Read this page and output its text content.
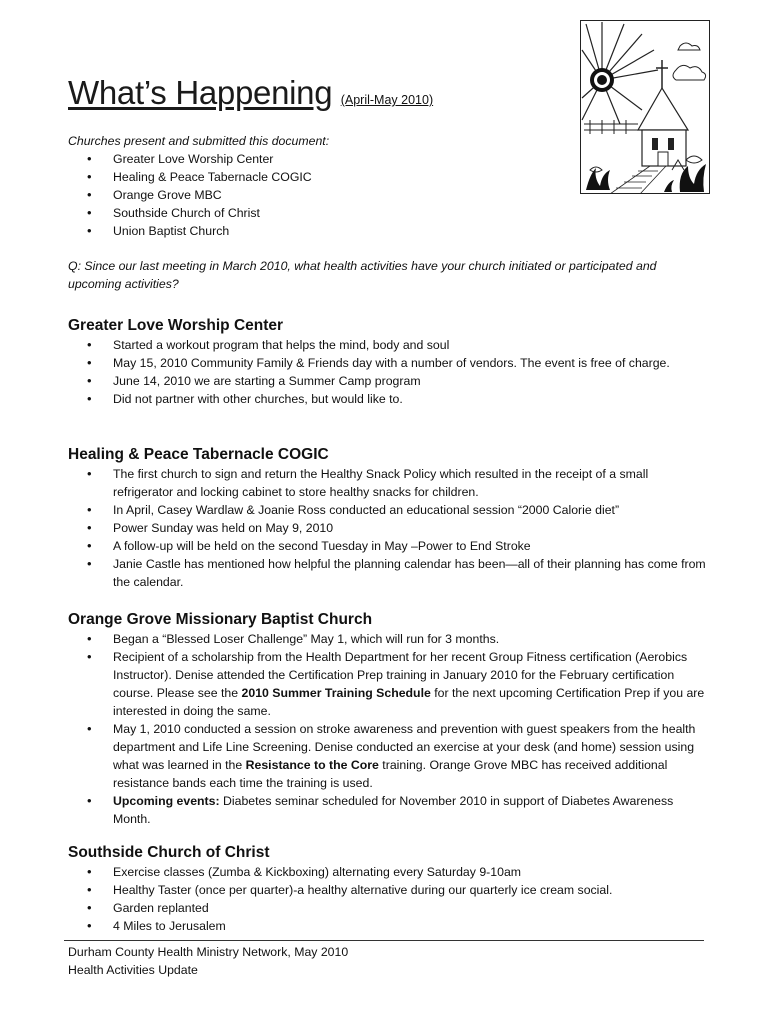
What’s Happening (April-May 2010)
Churches present and submitted this document:
• Greater Love Worship Center
• Healing & Peace Tabernacle COGIC
• Orange Grove MBC
• Southside Church of Christ
• Union Baptist Church
Q: Since our last meeting in March 2010, what health activities have your church initiated or participated and upcoming activities?
Greater Love Worship Center
• Started a workout program that helps the mind, body and soul
• May 15, 2010 Community Family & Friends day with a number of vendors. The event is free of charge.
• June 14, 2010 we are starting a Summer Camp program
• Did not partner with other churches, but would like to.
Healing & Peace Tabernacle COGIC
• The first church to sign and return the Healthy Snack Policy which resulted in the receipt of a small refrigerator and locking cabinet to store healthy snacks for children.
• In April, Casey Wardlaw & Joanie Ross conducted an educational session “2000 Calorie diet”
• Power Sunday was held on May 9, 2010
• A follow-up will be held on the second Tuesday in May –Power to End Stroke
• Janie Castle has mentioned how helpful the planning calendar has been—all of their planning has come from the calendar.
Orange Grove Missionary Baptist Church
• Began a “Blessed Loser Challenge” May 1, which will run for 3 months.
• Recipient of a scholarship from the Health Department for her recent Group Fitness certification (Aerobics Instructor). Denise attended the Certification Prep training in January 2010 for the February certification course. Please see the 2010 Summer Training Schedule for the next upcoming Certification Prep if you are interested in doing the same.
• May 1, 2010 conducted a session on stroke awareness and prevention with guest speakers from the health department and Life Line Screening. Denise conducted an exercise at your desk (and home) session using what was learned in the Resistance to the Core training. Orange Grove MBC has received additional resistance bands each time the training is used.
• Upcoming events: Diabetes seminar scheduled for November 2010 in support of Diabetes Awareness Month.
Southside Church of Christ
• Exercise classes (Zumba & Kickboxing) alternating every Saturday 9-10am
• Healthy Taster (once per quarter)-a healthy alternative during our quarterly ice cream social.
• Garden replanted
• 4 Miles to Jerusalem
Durham County Health Ministry Network, May 2010
Health Activities Update
